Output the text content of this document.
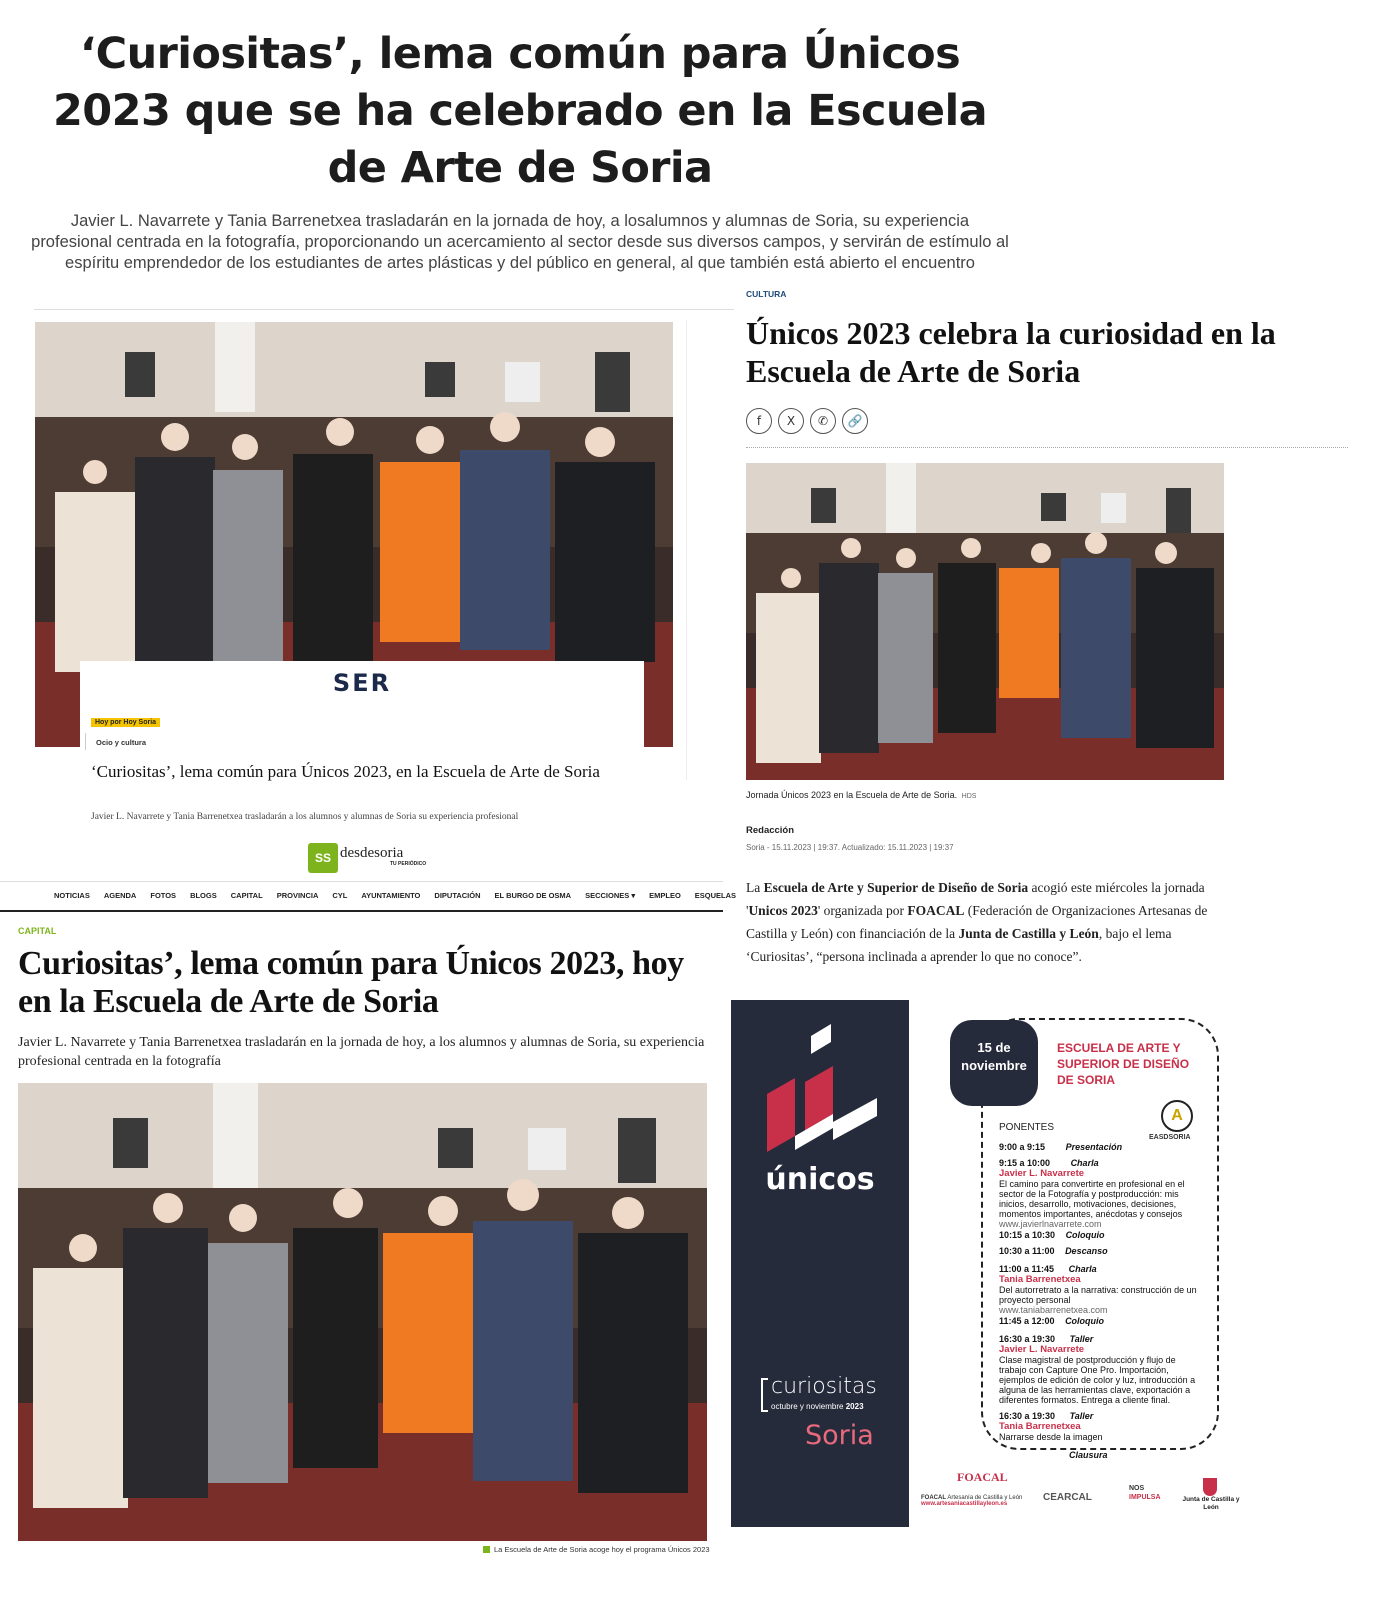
‘Curiositas’, lema común para Únicos 2023 que se ha celebrado en la Escuela de Arte de Soria

Javier L. Navarrete y Tania Barrenetxea trasladarán en la jornada de hoy, a losalumnos y alumnas de Soria, su experiencia profesional centrada en la fotografía, proporcionando un acercamiento al sector desde sus diversos campos, y servirán de estímulo al espíritu emprendedor de los estudiantes de artes plásticas y del público en general, al que también está abierto el encuentro

SER
Hoy por Hoy Soria
Ocio y cultura
‘Curiositas’, lema común para Únicos 2023, en la Escuela de Arte de Soria

Javier L. Navarrete y Tania Barrenetxea trasladarán a los alumnos y alumnas de Soria su experiencia profesional

SS desdesoria
TU PERIÓDICO
NOTICIAS AGENDA FOTOS BLOGS CAPITAL PROVINCIA CYL AYUNTAMIENTO DIPUTACIÓN EL BURGO DE OSMA SECCIONES ▾ EMPLEO ESQUELAS
CAPITAL
Curiositas’, lema común para Únicos 2023, hoy en la Escuela de Arte de Soria

Javier L. Navarrete y Tania Barrenetxea trasladarán en la jornada de hoy, a los alumnos y alumnas de Soria, su experiencia profesional centrada en la fotografía

La Escuela de Arte de Soria acoge hoy el programa Únicos 2023
CULTURA
Únicos 2023 celebra la curiosidad en la Escuela de Arte de Soria
f X ✆ 🔗
Jornada Únicos 2023 en la Escuela de Arte de Soria. HDS
Redacción
Soria - 15.11.2023 | 19:37. Actualizado: 15.11.2023 | 19:37

La Escuela de Arte y Superior de Diseño de Soria acogió este miércoles la jornada 'Unicos 2023' organizada por FOACAL (Federación de Organizaciones Artesanas de Castilla y León) con financiación de la Junta de Castilla y León, bajo el lema ‘Curiositas’, “persona inclinada a aprender lo que no conoce”.

únicos
curiositas
octubre y noviembre 2023
Soria
15 de noviembre
ESCUELA DE ARTE Y SUPERIOR DE DISEÑO DE SORIA
A
EASDSORIA
PONENTES
9:00 a 9:15 Presentación
9:15 a 10:00 Charla
Javier L. Navarrete
El camino para convertirte en profesional en el sector de la Fotografía y postproducción: mis inicios, desarrollo, motivaciones, decisiones, momentos importantes, anécdotas y consejos
www.javierlnavarrete.com
10:15 a 10:30 Coloquio
10:30 a 11:00 Descanso
11:00 a 11:45 Charla
Tania Barrenetxea
Del autorretrato a la narrativa: construcción de un proyecto personal
www.taniabarrenetxea.com
11:45 a 12:00 Coloquio
16:30 a 19:30 Taller
Javier L. Navarrete
Clase magistral de postproducción y flujo de trabajo con Capture One Pro. Importación, ejemplos de edición de color y luz, introducción a alguna de las herramientas clave, exportación a diferentes formatos. Entrega a cliente final.
16:30 a 19:30 Taller
Tania Barrenetxea
Narrarse desde la imagen
Clausura
FOACAL
FOACAL Artesanía de Castilla y León
www.artesaniacastillayleon.es
CEARCAL
NOS
IMPULSA	Junta de Castilla y León
